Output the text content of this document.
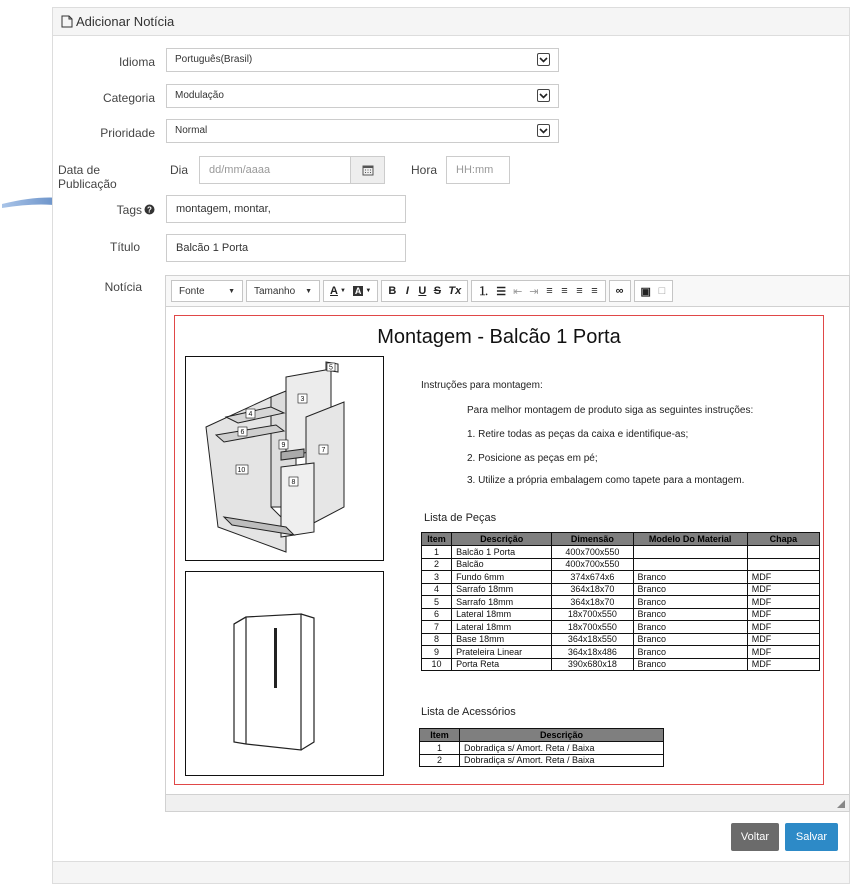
Adicionar Notícia
Idioma
Categoria
Prioridade
Data de Publicação
Tags ?
Título
Notícia
Português(Brasil)
Modulação
Normal
Dia	dd/mm/aaaa	Hora	HH:mm
montagem, montar,
Balcão 1 Porta
Fonte	▼ Tamanho ▼ A ▼ A ▼ B I U S Tx ⒈ ☰ ⇤ ⇥ ≡ ≡ ≡ ≡	∞ ▣ □
Montagem - Balcão 1 Porta
5
3
4
6
9
7
10
8
Instruções para montagem:
Para melhor montagem de produto siga as seguintes instruções:
1. Retire todas as peças da caixa e identifique-as;
2. Posicione as peças em pé;
3. Utilize a própria embalagem como tapete para a montagem.
Lista de Peças
Item	Descrição	Dimensão	Modelo Do Material	Chapa
1	Balcão 1 Porta	400x700x550		
2	Balcão	400x700x550		
3	Fundo 6mm	374x674x6	Branco	MDF
4	Sarrafo 18mm	364x18x70	Branco	MDF
5	Sarrafo 18mm	364x18x70	Branco	MDF
6	Lateral 18mm	18x700x550	Branco	MDF
7	Lateral 18mm	18x700x550	Branco	MDF
8	Base 18mm	364x18x550	Branco	MDF
9	Prateleira Linear	364x18x486	Branco	MDF
10	Porta Reta	390x680x18	Branco	MDF
Lista de Acessórios
Item	Descrição
1	Dobradiça s/ Amort. Reta / Baixa
2	Dobradiça s/ Amort. Reta / Baixa
Voltar	Salvar
